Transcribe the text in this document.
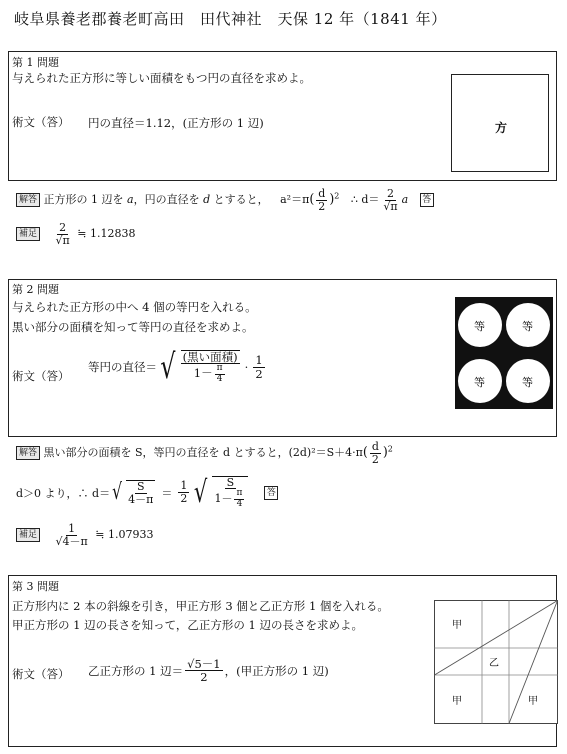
岐阜県養老郡養老町高田　田代神社　天保 12 年（1841 年）
第 1 問題
与えられた正方形に等しい面積をもつ円の直径を求めよ。
術文（答） 円の直径＝1.12，(正方形の 1 辺)	方
解答 正方形の 1 辺を a，円の直径を d とすると， $a^2=\pi( \frac{d}{2} )^2$ ∴ $d= \frac{2}{√\pi}$ a 答
補足 $\frac{2}{√\pi}$ ≒ 1.12838
第 2 問題
与えられた正方形の中へ 4 個の等円を入れる。
黒い部分の面積を知って等円の直径を求めよ。
術文（答）
等円の直径＝ √ $\frac{\text{(黒い面積)}}{1- \frac{\pi}{4}} \cdot \frac{1}{2}$
等	等
等	等
解答 黒い部分の面積を S，等円の直径を d とすると，$(2d)^2=S+4\cdot\pi( \frac{d}{2} )^2$
d＞0 より，∴ d＝ √ $\frac{S}{4-\pi} = \frac{1}{2}$ √ $\frac{S}{1- \frac{\pi}{4}}$ 答
補足 $\frac{1}{√4-\pi}$ ≒ 1.07933
第 3 問題
正方形内に 2 本の斜線を引き，甲正方形 3 個と乙正方形 1 個を入れる。
甲正方形の 1 辺の長さを知って，乙正方形の 1 辺の長さを求めよ。
術文（答） 乙正方形の 1 辺＝ $\frac{√5-1}{2}$ ，(甲正方形の 1 辺)
甲
乙
甲	甲
